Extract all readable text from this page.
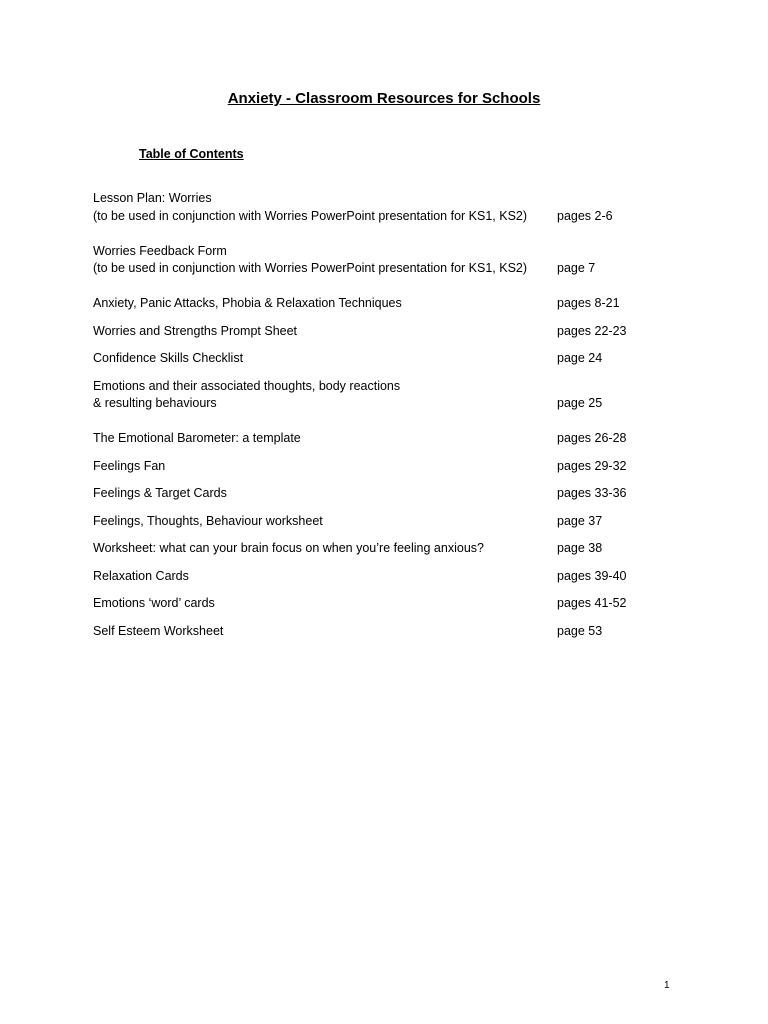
Anxiety - Classroom Resources for Schools
Table of Contents
Lesson Plan: Worries
(to be used in conjunction with Worries PowerPoint presentation for KS1, KS2)	pages 2-6
Worries Feedback Form
(to be used in conjunction with Worries PowerPoint presentation for KS1, KS2)	page 7
Anxiety, Panic Attacks, Phobia & Relaxation Techniques	pages 8-21
Worries and Strengths Prompt Sheet	pages 22-23
Confidence Skills Checklist	page 24
Emotions and their associated thoughts, body reactions
& resulting behaviours	page 25
The Emotional Barometer: a template	pages 26-28
Feelings Fan	pages 29-32
Feelings & Target Cards	pages 33-36
Feelings, Thoughts, Behaviour worksheet	page 37
Worksheet: what can your brain focus on when you’re feeling anxious?	page 38
Relaxation Cards	pages 39-40
Emotions ‘word’ cards	pages 41-52
Self Esteem Worksheet	page 53
1
